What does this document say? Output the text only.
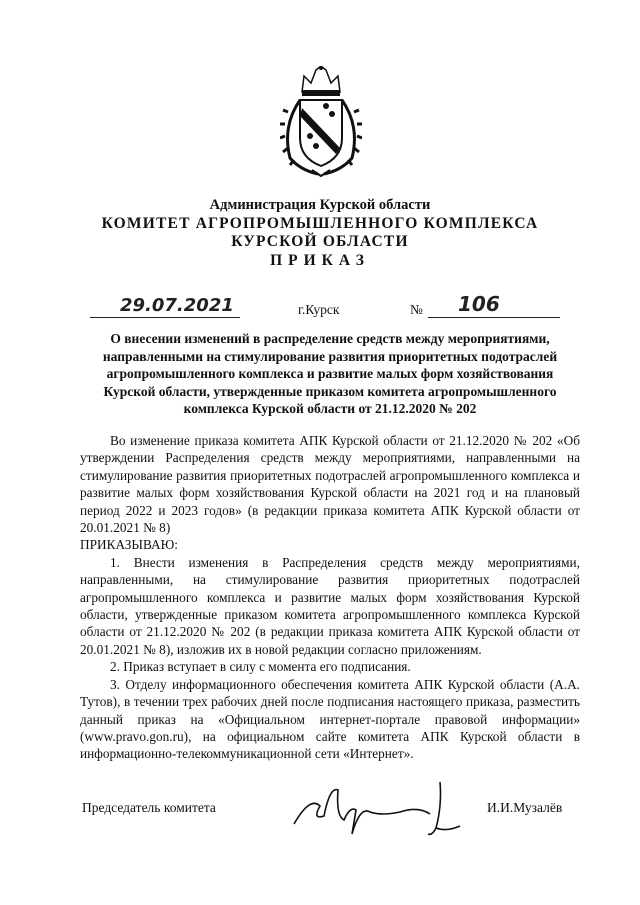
Администрация Курской области
КОМИТЕТ АГРОПРОМЫШЛЕННОГО КОМПЛЕКСА
КУРСКОЙ ОБЛАСТИ
ПРИКАЗ
29.07.2021	г.Курск	№ 106
О внесении изменений в распределение средств между мероприятиями, направленными на стимулирование развития приоритетных подотраслей агропромышленного комплекса и развитие малых форм хозяйствования Курской области, утвержденные приказом комитета агропромышленного комплекса Курской области от 21.12.2020 № 202

Во изменение приказа комитета АПК Курской области от 21.12.2020 № 202 «Об утверждении Распределения средств между мероприятиями, направленными на стимулирование развития приоритетных подотраслей агропромышленного комплекса и развитие малых форм хозяйствования Курской области на 2021 год и на плановый период 2022 и 2023 годов» (в редакции приказа комитета АПК Курской области от 20.01.2021 № 8)

ПРИКАЗЫВАЮ:

1. Внести изменения в Распределения средств между мероприятиями, направленными, на стимулирование развития приоритетных подотраслей агропромышленного комплекса и развитие малых форм хозяйствования Курской области, утвержденные приказом комитета агропромышленного комплекса Курской области от 21.12.2020 № 202 (в редакции приказа комитета АПК Курской области от 20.01.2021 № 8), изложив их в новой редакции согласно приложениям.

2. Приказ вступает в силу с момента его подписания.

3. Отделу информационного обеспечения комитета АПК Курской области (А.А. Тутов), в течении трех рабочих дней после подписания настоящего приказа, разместить данный приказ на «Официальном интернет-портале правовой информации» (www.pravo.gon.ru), на официальном сайте комитета АПК Курской области в информационно-телекоммуникационной сети «Интернет».

Председатель комитета	И.И.Музалёв
